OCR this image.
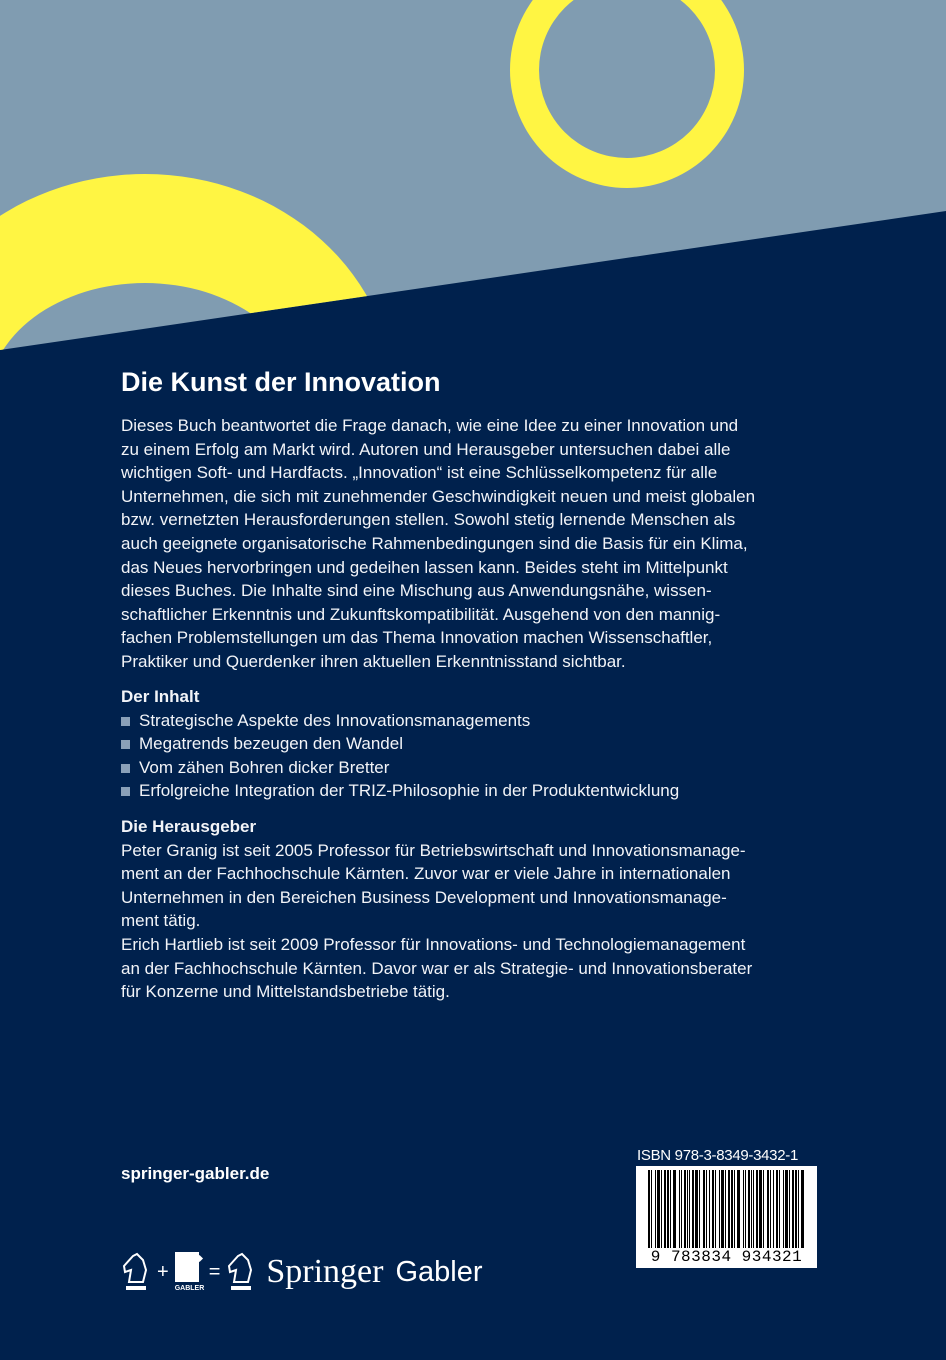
Die Kunst der Innovation
Dieses Buch beantwortet die Frage danach, wie eine Idee zu einer Innovation und
zu einem Erfolg am Markt wird. Autoren und Herausgeber untersuchen dabei alle
wichtigen Soft- und Hardfacts. „Innovation“ ist eine Schlüsselkompetenz für alle
Unternehmen, die sich mit zunehmender Geschwindigkeit neuen und meist globalen
bzw. vernetzten Herausforderungen stellen. Sowohl stetig lernende Menschen als
auch geeignete organisatorische Rahmenbedingungen sind die Basis für ein Klima,
das Neues hervorbringen und gedeihen lassen kann. Beides steht im Mittelpunkt
dieses Buches. Die Inhalte sind eine Mischung aus Anwendungsnähe, wissen-
schaftlicher Erkenntnis und Zukunftskompatibilität. Ausgehend von den mannig-
fachen Problemstellungen um das Thema Innovation machen Wissenschaftler,
Praktiker und Querdenker ihren aktuellen Erkenntnisstand sichtbar.
Der Inhalt
Strategische Aspekte des Innovationsmanagements
Megatrends bezeugen den Wandel
Vom zähen Bohren dicker Bretter
Erfolgreiche Integration der TRIZ-Philosophie in der Produktentwicklung
Die Herausgeber
Peter Granig ist seit 2005 Professor für Betriebswirtschaft und Innovationsmanage-
ment an der Fachhochschule Kärnten. Zuvor war er viele Jahre in internationalen
Unternehmen in den Bereichen Business Development und Innovationsmanage-
ment tätig.
Erich Hartlieb ist seit 2009 Professor für Innovations- und Technologiemanagement
an der Fachhochschule Kärnten. Davor war er als Strategie- und Innovationsberater
für Konzerne und Mittelstandsbetriebe tätig.
springer-gabler.de
ISBN 978-3-8349-3432-1
9 783834 934321
+
GABLER
= Springer Gabler
